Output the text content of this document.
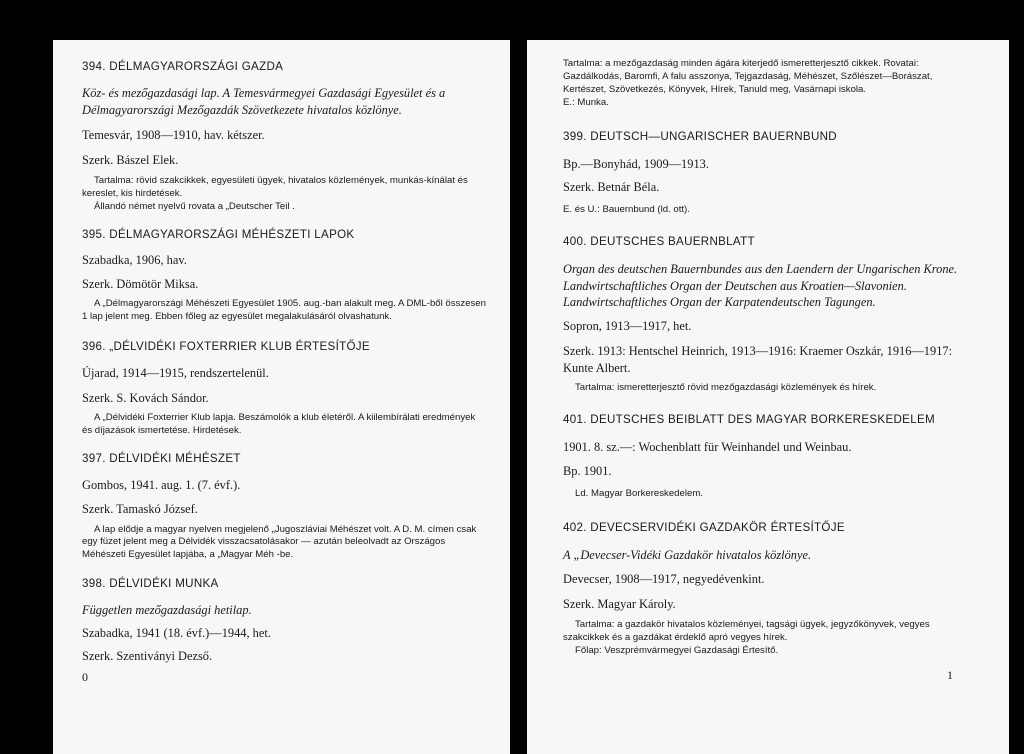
394. DÉLMAGYARORSZÁGI GAZDA

Köz- és mezőgazdasági lap. A Temesvármegyei Gazdasági Egyesület és a Délmagyarországi Mezőgazdák Szövetkezete hivatalos közlönye.

Temesvár, 1908—1910, hav. kétszer.

Szerk. Bászel Elek.

Tartalma: rövid szakcikkek, egyesületi ügyek, hivatalos közlemények, munkás-kínálat és kereslet, kis hirdetések.

Állandó német nyelvű rovata a „Deutscher Teil .

395. DÉLMAGYARORSZÁGI MÉHÉSZETI LAPOK

Szabadka, 1906, hav.

Szerk. Dömötör Miksa.

A „Délmagyarországi Méhészeti Egyesület 1905. aug.-ban alakult meg. A DML-ből összesen 1 lap jelent meg. Ebben főleg az egyesület megalakulásáról olvashatunk.

396. „DÉLVIDÉKI FOXTERRIER KLUB ÉRTESÍTŐJE

Újarad, 1914—1915, rendszertelenül.

Szerk. S. Kovách Sándor.

A „Délvidéki Foxterrier Klub lapja. Beszámolók a klub életéről. A kiilembírálati eredmények és díjazások ismertetése. Hirdetések.

397. DÉLVIDÉKI MÉHÉSZET

Gombos, 1941. aug. 1. (7. évf.).

Szerk. Tamaskó József.

A lap elődje a magyar nyelven megjelenő „Jugoszláviai Méhészet volt. A D. M. címen csak egy füzet jelent meg a Délvidék visszacsatolásakor — azután beleolvadt az Országos Méhészeti Egyesület lapjába, a „Magyar Méh -be.

398. DÉLVIDÉKI MUNKA

Független mezőgazdasági hetilap.

Szabadka, 1941 (18. évf.)—1944, het.

Szerk. Szentiványi Dezső.

0

Tartalma: a mezőgazdaság minden ágára kiterjedő ismeretterjesztő cikkek. Rovatai: Gazdálkodás, Baromfi, A falu asszonya, Tejgazdaság, Méhészet, Szőlészet—Borászat, Kertészet, Szövetkezés, Könyvek, Hírek, Tanuld meg, Vasárnapi iskola.

E.: Munka.

399. DEUTSCH—UNGARISCHER BAUERNBUND

Bp.—Bonyhád, 1909—1913.

Szerk. Betnár Béla.

E. és U.: Bauernbund (ld. ott).

400. DEUTSCHES BAUERNBLATT

Organ des deutschen Bauernbundes aus den Laendern der Ungarischen Krone. Landwirtschaftliches Organ der Deutschen aus Kroatien—Slavonien. Landwirtschaftliches Organ der Karpatendeutschen Tagungen.

Sopron, 1913—1917, het.

Szerk. 1913: Hentschel Heinrich, 1913—1916: Kraemer Oszkár, 1916—1917: Kunte Albert.

Tartalma: ismeretterjesztő rövid mezőgazdasági közlemények és hírek.

401. DEUTSCHES BEIBLATT DES MAGYAR BORKERESKEDELEM

1901. 8. sz.—: Wochenblatt für Weinhandel und Weinbau.

Bp. 1901.

Ld. Magyar Borkereskedelem.

402. DEVECSERVIDÉKI GAZDAKÖR ÉRTESÍTŐJE

A „Devecser-Vidéki Gazdakör hivatalos közlönye.

Devecser, 1908—1917, negyedévenkint.

Szerk. Magyar Károly.

Tartalma: a gazdakör hivatalos közleményei, tagsági ügyek, jegyzőkönyvek, vegyes szakcikkek és a gazdákat érdeklő apró vegyes hírek.

Főlap: Veszprémvármegyei Gazdasági Értesítő.

1
